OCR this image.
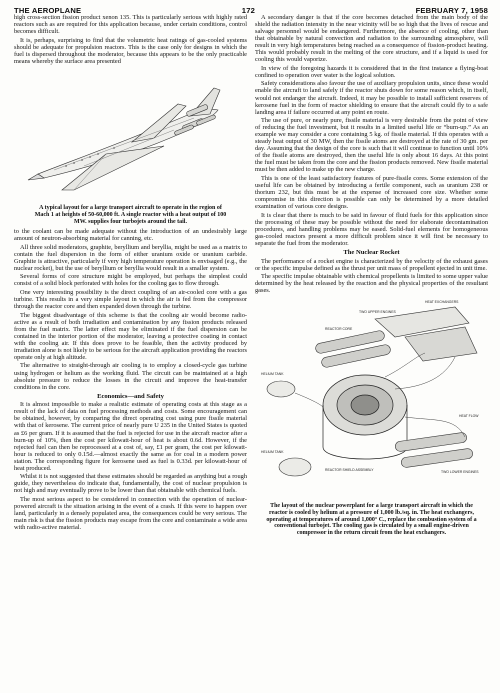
THE AEROPLANE	172	FEBRUARY 7, 1958

high cross-section fission product xenon 135. This is particularly serious with highly rated reactors such as are required for this application because, under certain conditions, control becomes difficult.

It is, perhaps, surprising to find that the volumetric heat ratings of gas-cooled systems should be adequate for propulsion reactors. This is the case only for designs in which the fuel is dispersed throughout the moderator, because this appears to be the only practicable means whereby the surface area presented

A typical layout for a large transport aircraft to operate in the region of Mach 1 at heights of 50-60,000 ft. A single reactor with a heat output of 100 MW. supplies four turbojets around the tail.

to the coolant can be made adequate without the introduction of an undesirably large amount of neutron-absorbing material for canning, etc.

All three solid moderators, graphite, beryllium and beryllia, might be used as a matrix to contain the fuel dispersion in the form of either uranium oxide or uranium carbide. Graphite is attractive, particularly if very high temperature operation is envisaged (e.g., the nuclear rocket), but the use of beryllium or beryllia would result in a smaller system.

Several forms of core structure might be employed, but perhaps the simplest could consist of a solid block perforated with holes for the cooling gas to flow through.

One very interesting possibility is the direct coupling of an air-cooled core with a gas turbine. This results in a very simple layout in which the air is fed from the compressor through the reactor core and then expanded down through the turbine.

The biggest disadvantage of this scheme is that the cooling air would become radio-active as a result of both irradiation and contamination by any fission products released from the fuel matrix. The latter effect may be eliminated if the fuel dispersion can be contained in the interior portion of the moderator, leaving a protective coating in contact with the cooling air. If this does prove to be feasible, then the activity produced by irradiation alone is not likely to be serious for the aircraft application providing the reactors operate only at high altitude.

The alternative to straight-through air cooling is to employ a closed-cycle gas turbine using hydrogen or helium as the working fluid. The circuit can be maintained at a high absolute pressure to reduce the losses in the circuit and improve the heat-transfer conditions in the core.

Economics—and Safety

It is almost impossible to make a realistic estimate of operating costs at this stage as a result of the lack of data on fuel processing methods and costs. Some encouragement can be obtained, however, by comparing the direct operating cost using pure fissile material with that of kerosene. The current price of nearly pure U 235 in the United States is quoted as £6 per gram. If it is assumed that the fuel is rejected for use in the aircraft reactor after a burn-up of 10%, then the cost per kilowatt-hour of heat is about 0.6d. However, if the rejected fuel can then be reprocessed at a cost of, say, £1 per gram, the cost per kilowatt-hour is reduced to only 0.15d.—almost exactly the same as for coal in a modern power station. The corresponding figure for kerosene used as fuel is 0.33d. per kilowatt-hour of heat produced.

Whilst it is not suggested that these estimates should be regarded as anything but a rough guide, they nevertheless do indicate that, fundamentally, the cost of nuclear propulsion is not high and may eventually prove to be lower than that obtainable with chemical fuels.

The most serious aspect to be considered in connection with the operation of nuclear-powered aircraft is the situation arising in the event of a crash. If this were to happen over land, particularly in a densely populated area, the consequences could be very serious. The main risk is that the fission products may escape from the core and contaminate a wide area with radio-active material.

A secondary danger is that if the core becomes detached from the main body of the shield the radiation intensity in the near vicinity will be so high that the lives of rescue and salvage personnel would be endangered. Furthermore, the absence of cooling, other than that obtainable by natural convection and radiation to the surrounding atmosphere, will result in very high temperatures being reached as a consequence of fission-product heating. This would probably result in the melting of the core structure, and if a liquid is used for cooling this would vaporize.

In view of the foregoing hazards it is considered that in the first instance a flying-boat confined to operation over water is the logical solution.

Safety considerations also favour the use of auxiliary propulsion units, since these would enable the aircraft to land safely if the reactor shuts down for some reason which, in itself, would not endanger the aircraft. Indeed, it may be possible to install sufficient reserves of kerosene fuel in the form of reactor shielding to ensure that the aircraft could fly to a safe landing area if failure occurred at any point en route.

The use of pure, or nearly pure, fissile material is very desirable from the point of view of reducing the fuel investment, but it results in a limited useful life or “burn-up.” As an example we may consider a core containing 5 kg. of fissile material. If this operates with a steady heat output of 30 MW, then the fissile atoms are destroyed at the rate of 30 gm. per day. Assuming that the design of the core is such that it will continue to function until 10% of the fissile atoms are destroyed, then the useful life is only about 16 days. At this point the fuel must be taken from the core and the fission products removed. New fissile material must be then added to make up the new charge.

This is one of the least satisfactory features of pure-fissile cores. Some extension of the useful life can be obtained by introducing a fertile component, such as uranium 238 or thorium 232, but this must be at the expense of increased core size. Whether some compromise in this direction is possible can only be determined by a more detailed examination of various core designs.

It is clear that there is much to be said in favour of fluid fuels for this application since the processing of these may be possible without the need for elaborate decontamination procedures, and handling problems may be eased. Solid-fuel elements for homogeneous gas-cooled reactors present a more difficult problem since it will first be necessary to separate the fuel from the moderator.

The Nuclear Rocket

The performance of a rocket engine is characterized by the velocity of the exhaust gases or the specific impulse defined as the thrust per unit mass of propellent ejected in unit time.

The specific impulse obtainable with chemical propellents is limited to some upper value determined by the heat released by the reaction and the physical properties of the resultant gases.

HEAT EXCHANGERS
TWO UPPER ENGINES
REACTOR CORE
HELIUM TANK
HELIUM TANK
REACTOR SHIELD ASSEMBLY	TWO LOWER ENGINES
HEAT FLOW
The layout of the nuclear powerplant for a large transport aircraft in which the reactor is cooled by helium at a pressure of 1,000 lb./sq. in. The heat exchangers, operating at temperatures of around 1,000° C., replace the combustion system of a conventional turbojet. The cooling gas is circulated by a small engine-driven compressor in the return circuit from the heat exchangers.
